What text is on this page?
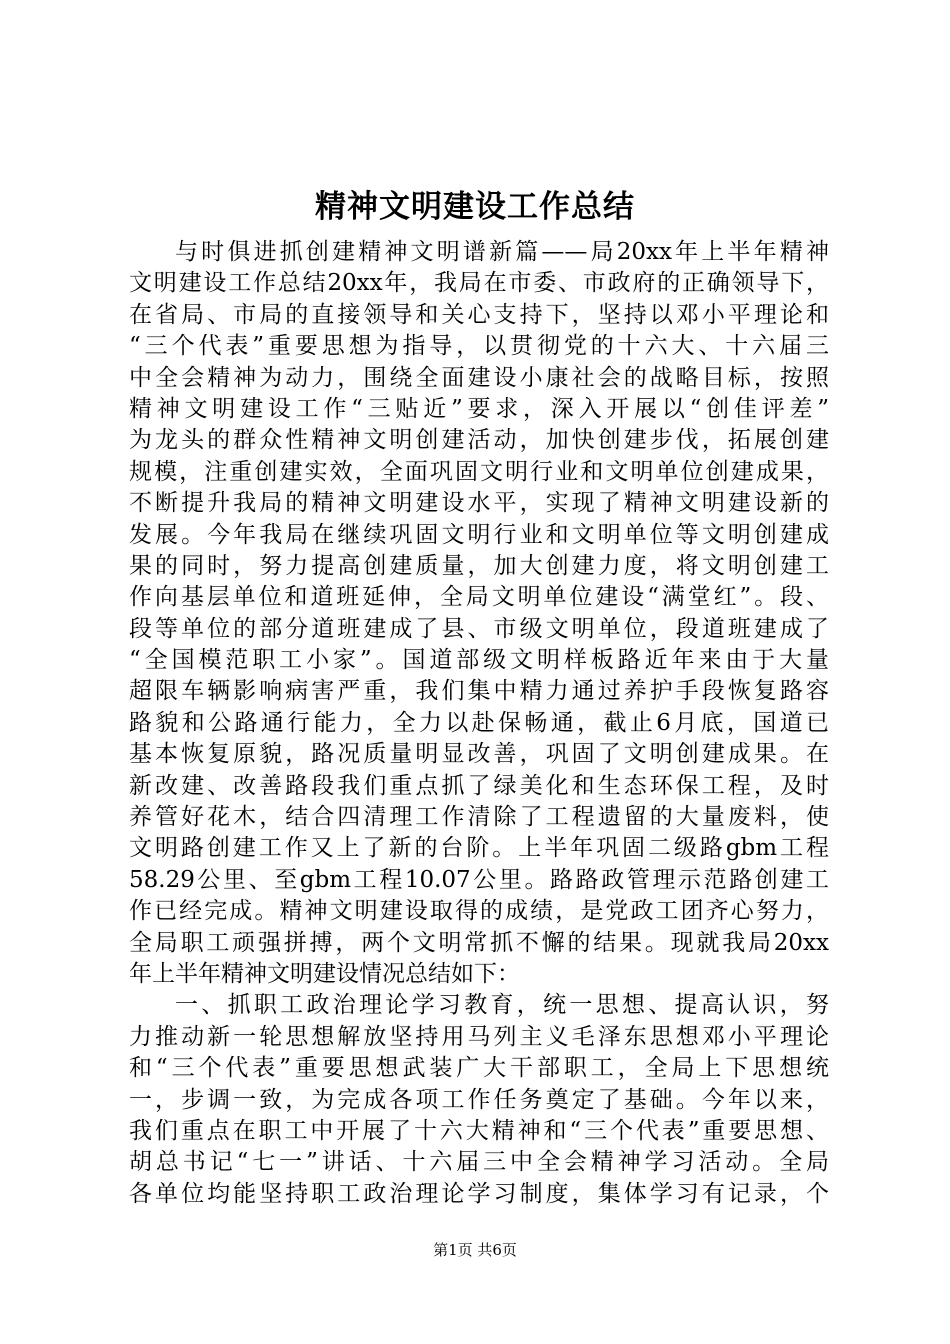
精神文明建设工作总结
与时俱进抓创建精神文明谱新篇——局20xx年上半年精神
文明建设工作总结20xx年，我局在市委、市政府的正确领导下，
在省局、市局的直接领导和关心支持下，坚持以邓小平理论和
“三个代表”重要思想为指导，以贯彻党的十六大、十六届三
中全会精神为动力，围绕全面建设小康社会的战略目标，按照
精神文明建设工作“三贴近”要求，深入开展以“创佳评差”
为龙头的群众性精神文明创建活动，加快创建步伐，拓展创建
规模，注重创建实效，全面巩固文明行业和文明单位创建成果，
不断提升我局的精神文明建设水平，实现了精神文明建设新的
发展。今年我局在继续巩固文明行业和文明单位等文明创建成
果的同时，努力提高创建质量，加大创建力度，将文明创建工
作向基层单位和道班延伸，全局文明单位建设“满堂红”。段、
段等单位的部分道班建成了县、市级文明单位，段道班建成了
“全国模范职工小家”。国道部级文明样板路近年来由于大量
超限车辆影响病害严重，我们集中精力通过养护手段恢复路容
路貌和公路通行能力，全力以赴保畅通，截止6月底，国道已
基本恢复原貌，路况质量明显改善，巩固了文明创建成果。在
新改建、改善路段我们重点抓了绿美化和生态环保工程，及时
养管好花木，结合四清理工作清除了工程遗留的大量废料，使
文明路创建工作又上了新的台阶。上半年巩固二级路gbm工程
58.29公里、至gbm工程10.07公里。路路政管理示范路创建工
作已经完成。精神文明建设取得的成绩，是党政工团齐心努力，
全局职工顽强拼搏，两个文明常抓不懈的结果。现就我局20xx
年上半年精神文明建设情况总结如下：
一、抓职工政治理论学习教育，统一思想、提高认识，努
力推动新一轮思想解放坚持用马列主义毛泽东思想邓小平理论
和“三个代表”重要思想武装广大干部职工，全局上下思想统
一，步调一致，为完成各项工作任务奠定了基础。今年以来，
我们重点在职工中开展了十六大精神和“三个代表”重要思想、
胡总书记“七一”讲话、十六届三中全会精神学习活动。全局
各单位均能坚持职工政治理论学习制度，集体学习有记录，个
第1页 共6页
